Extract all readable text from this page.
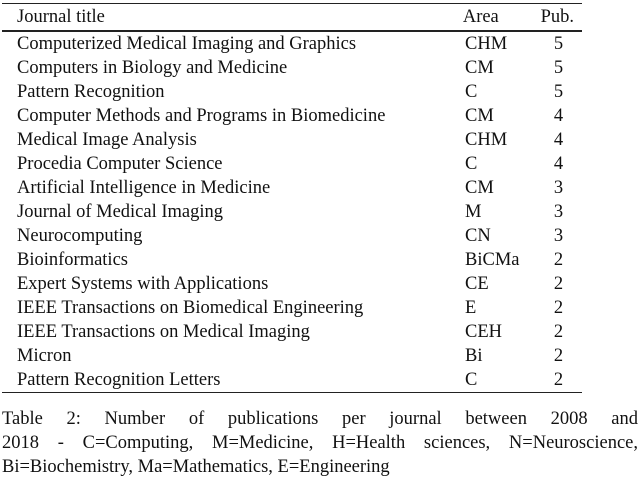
Journal title	Area	Pub.
Computerized Medical Imaging and Graphics	CHM	5
Computers in Biology and Medicine	CM	5
Pattern Recognition	C	5
Computer Methods and Programs in Biomedicine	CM	4
Medical Image Analysis	CHM	4
Procedia Computer Science	C	4
Artificial Intelligence in Medicine	CM	3
Journal of Medical Imaging	M	3
Neurocomputing	CN	3
Bioinformatics	BiCMa	2
Expert Systems with Applications	CE	2
IEEE Transactions on Biomedical Engineering	E	2
IEEE Transactions on Medical Imaging	CEH	2
Micron	Bi	2
Pattern Recognition Letters	C	2
Table 2: Number of publications per journal between 2008 and
2018 - C=Computing, M=Medicine, H=Health sciences, N=Neuroscience,
Bi=Biochemistry, Ma=Mathematics, E=Engineering
